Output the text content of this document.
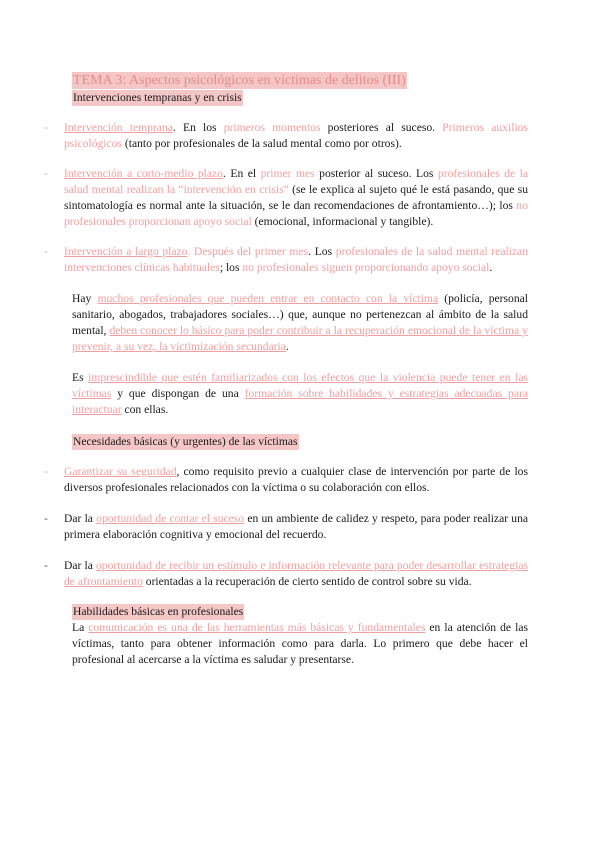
TEMA 3: Aspectos psicológicos en víctimas de delitos (III)
Intervenciones tempranas y en crisis

- Intervención temprana. En los primeros momentos posteriores al suceso. Primeros auxilios psicológicos (tanto por profesionales de la salud mental como por otros).

- Intervención a corto-medio plazo. En el primer mes posterior al suceso. Los profesionales de la salud mental realizan la “intervención en crisis” (se le explica al sujeto qué le está pasando, que su sintomatología es normal ante la situación, se le dan recomendaciones de afrontamiento…); los no profesionales proporcionan apoyo social (emocional, informacional y tangible).

- Intervención a largo plazo. Después del primer mes. Los profesionales de la salud mental realizan intervenciones clínicas habituales; los no profesionales siguen proporcionando apoyo social.

Hay muchos profesionales que pueden entrar en contacto con la víctima (policía, personal sanitario, abogados, trabajadores sociales…) que, aunque no pertenezcan al ámbito de la salud mental, deben conocer lo básico para poder contribuir a la recuperación emocional de la víctima y prevenir, a su vez, la victimización secundaria.

Es imprescindible que estén familiarizados con los efectos que la violencia puede tener en las víctimas y que dispongan de una formación sobre habilidades y estrategias adecuadas para interactuar con ellas.

Necesidades básicas (y urgentes) de las víctimas

- Garantizar su seguridad, como requisito previo a cualquier clase de intervención por parte de los diversos profesionales relacionados con la víctima o su colaboración con ellos.

- Dar la oportunidad de contar el suceso en un ambiente de calidez y respeto, para poder realizar una primera elaboración cognitiva y emocional del recuerdo.

- Dar la oportunidad de recibir un estímulo e información relevante para poder desarrollar estrategias de afrontamiento orientadas a la recuperación de cierto sentido de control sobre su vida.

Habilidades básicas en profesionales

La comunicación es una de las herramientas más básicas y fundamentales en la atención de las víctimas, tanto para obtener información como para darla. Lo primero que debe hacer el profesional al acercarse a la víctima es saludar y presentarse.
